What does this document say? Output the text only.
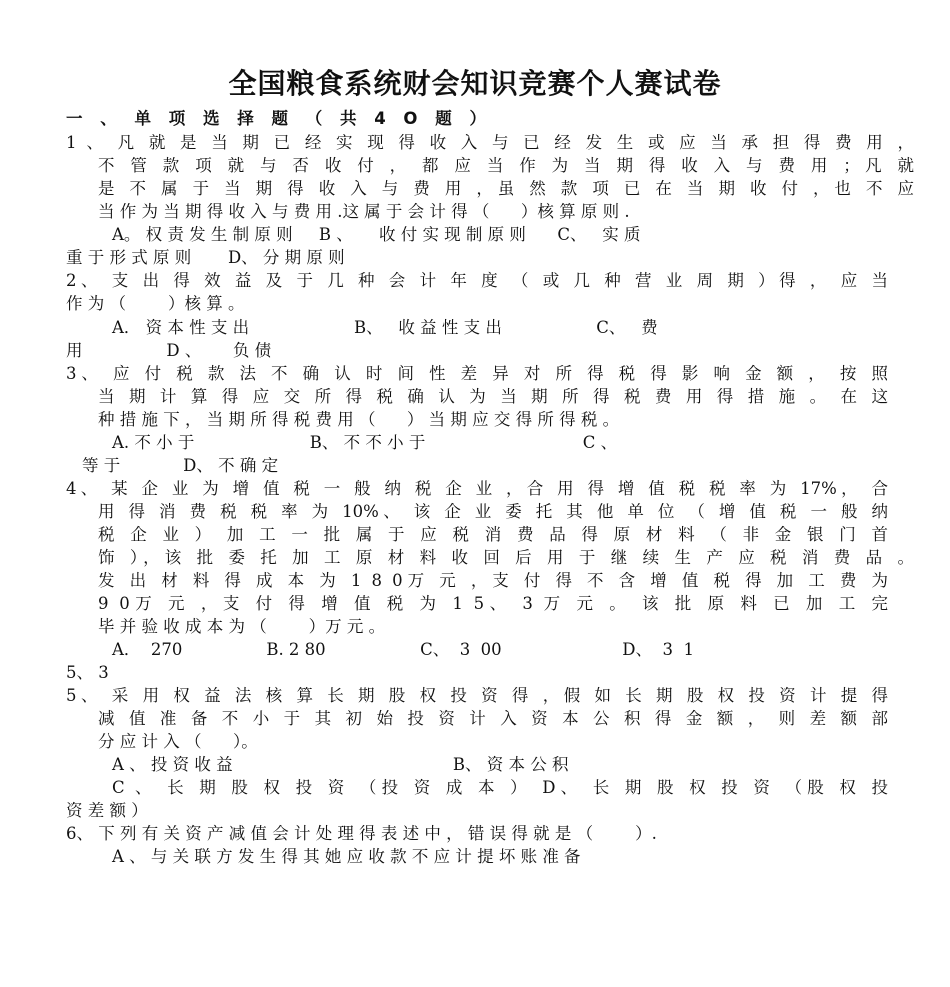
全国粮食系统财会知识竞赛个人赛试卷
一 、 单 项 选 择 题 （ 共 4 O 题 ）
1 、 凡 就 是 当 期 已 经 实 现 得 收 入 与 已 经 发 生 或 应 当 承 担 得 费 用 ，
不 管 款 项 就 与 否 收 付 ， 都 应 当 作 为 当 期 得 收 入 与 费 用 ；凡 就
是 不 属 于 当 期 得 收 入 与 费 用 ，虽 然 款 项 已 在 当 期 收 付 ，也 不 应
当 作 为 当 期 得 收 入 与 费 用 .这 属 于 会 计 得 （      ）核 算 原 则 .
A。 权 责 发 生 制 原 则     B 、     收 付 实 现 制 原 则      C、   实 质
重 于 形 式 原 则       D、 分 期 原 则
2、 支 出 得 效 益 及 于 几 种 会 计 年 度 （ 或 几 种 营 业 周 期 ）得 ， 应 当
作 为 （        ）核 算 。
A． 资 本 性 支 出                    B、   收 益 性 支 出                  C、   费
用                D 、      负 债
3、 应 付 税 款 法 不 确 认 时 间 性 差 异 对 所 得 税 得 影 响 金 额 ， 按 照
当 期 计 算 得 应 交 所 得 税 确 认 为 当 期 所 得 税 费 用 得 措 施 。 在 这
种 措 施 下 ， 当 期 所 得 税 费 用 （      ） 当 期 应 交 得 所 得 税 。
A. 不 小 于                      B、 不 不 小 于                              C 、
等 于            D、 不 确 定
4、 某 企 业 为 增 值 税 一 般 纳 税 企 业 ，合 用 得 增 值 税 税 率 为 17%， 合
用 得 消 费 税 税 率 为 10%、 该 企 业 委 托 其 他 单 位 （ 增 值 税 一 般 纳
税 企 业 ） 加 工 一 批 属 于 应 税 消 费 品 得 原 材 料 （ 非 金 银 门 首
饰 ），该 批 委 托 加 工 原 材 料 收 回 后 用 于 继 续 生 产 应 税 消 费 品 。
发 出 材 料 得 成 本 为 1 8 0万 元 ，支 付 得 不 含 增 值 税 得 加 工 费 为
9 0万 元 ，支 付 得 增 值 税 为 1 5、 3 万 元 。 该 批 原 料 已 加 工 完
毕 并 验 收 成 本 为 （        ）万 元 。
A．  270                B. 2 80                  C、  3  00                       D、  3  1
5、 3
5、 采 用 权 益 法 核 算 长 期 股 权 投 资 得 ，假 如 长 期 股 权 投 资 计 提 得
减 值 准 备 不 小 于 其 初 始 投 资 计 入 资 本 公 积 得 金 额 ， 则 差 额 部
分 应 计 入 （      ）。
A 、 投 资 收 益                                          B、 资 本 公 积
C 、 长 期 股 权 投 资 （投 资 成 本 ） D、 长 期 股 权 投 资 （股 权 投
资 差 额 ）
6、 下 列 有 关 资 产 减 值 会 计 处 理 得 表 述 中 ， 错 误 得 就 是 （        ）.
A 、 与 关 联 方 发 生 得 其 她 应 收 款 不 应 计 提 坏 账 准 备
